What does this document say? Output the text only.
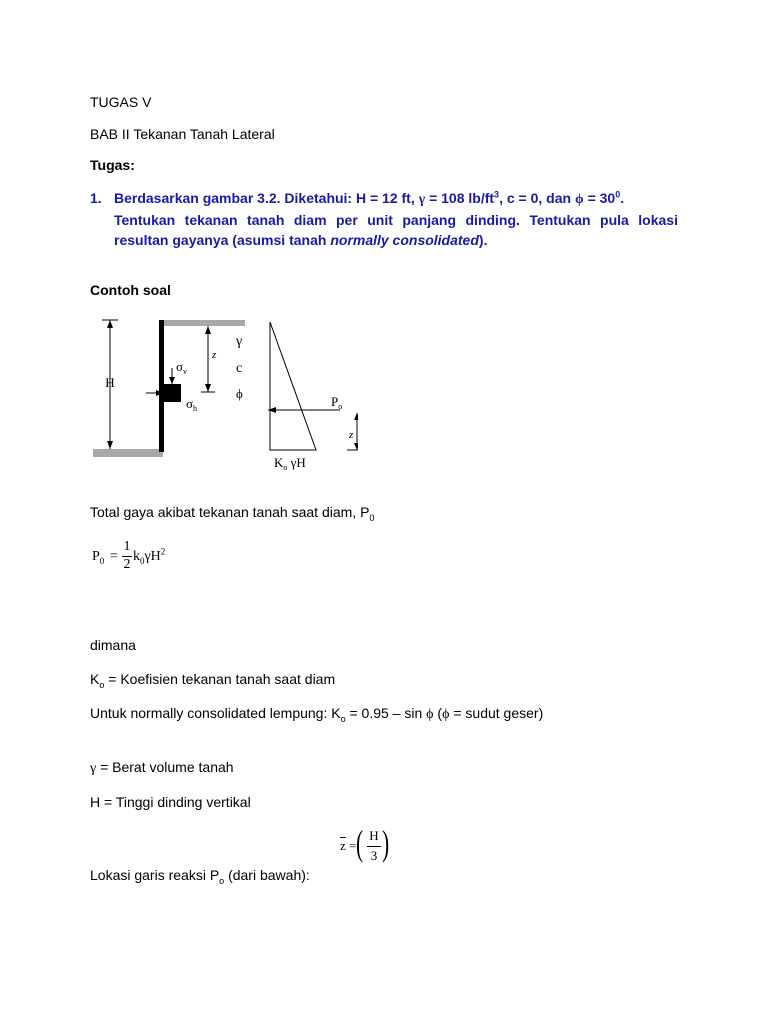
TUGAS V
BAB II Tekanan Tanah Lateral
Tugas:
1. Berdasarkan gambar 3.2. Diketahui: H = 12 ft, γ = 108 $lb/ft^3$, c = 0, dan $\phi = 30^0$.
Tentukan tekanan tanah diam per unit panjang dinding. Tentukan pula lokasi
resultan gayanya (asumsi tanah normally consolidated).
Contoh soal
H
$\sigma_v$
$\sigma_h$
z
γ
c
ϕ
$P_o$
z
$K_o$ γH
Total gaya akibat tekanan tanah saat diam, $P_0$
$P_0$ =
1
2
$k_0\gamma H^2$
dimana
$K_o$ = Koefisien tekanan tanah saat diam
Untuk normally consolidated lempung: $K_o = 0.95 - \sin \phi$ (ϕ = sudut geser)
γ = Berat volume tanah
H = Tinggi dinding vertikal
$\overline{z}$ = ( H
3 )
Lokasi garis reaksi $P_o$ (dari bawah):
